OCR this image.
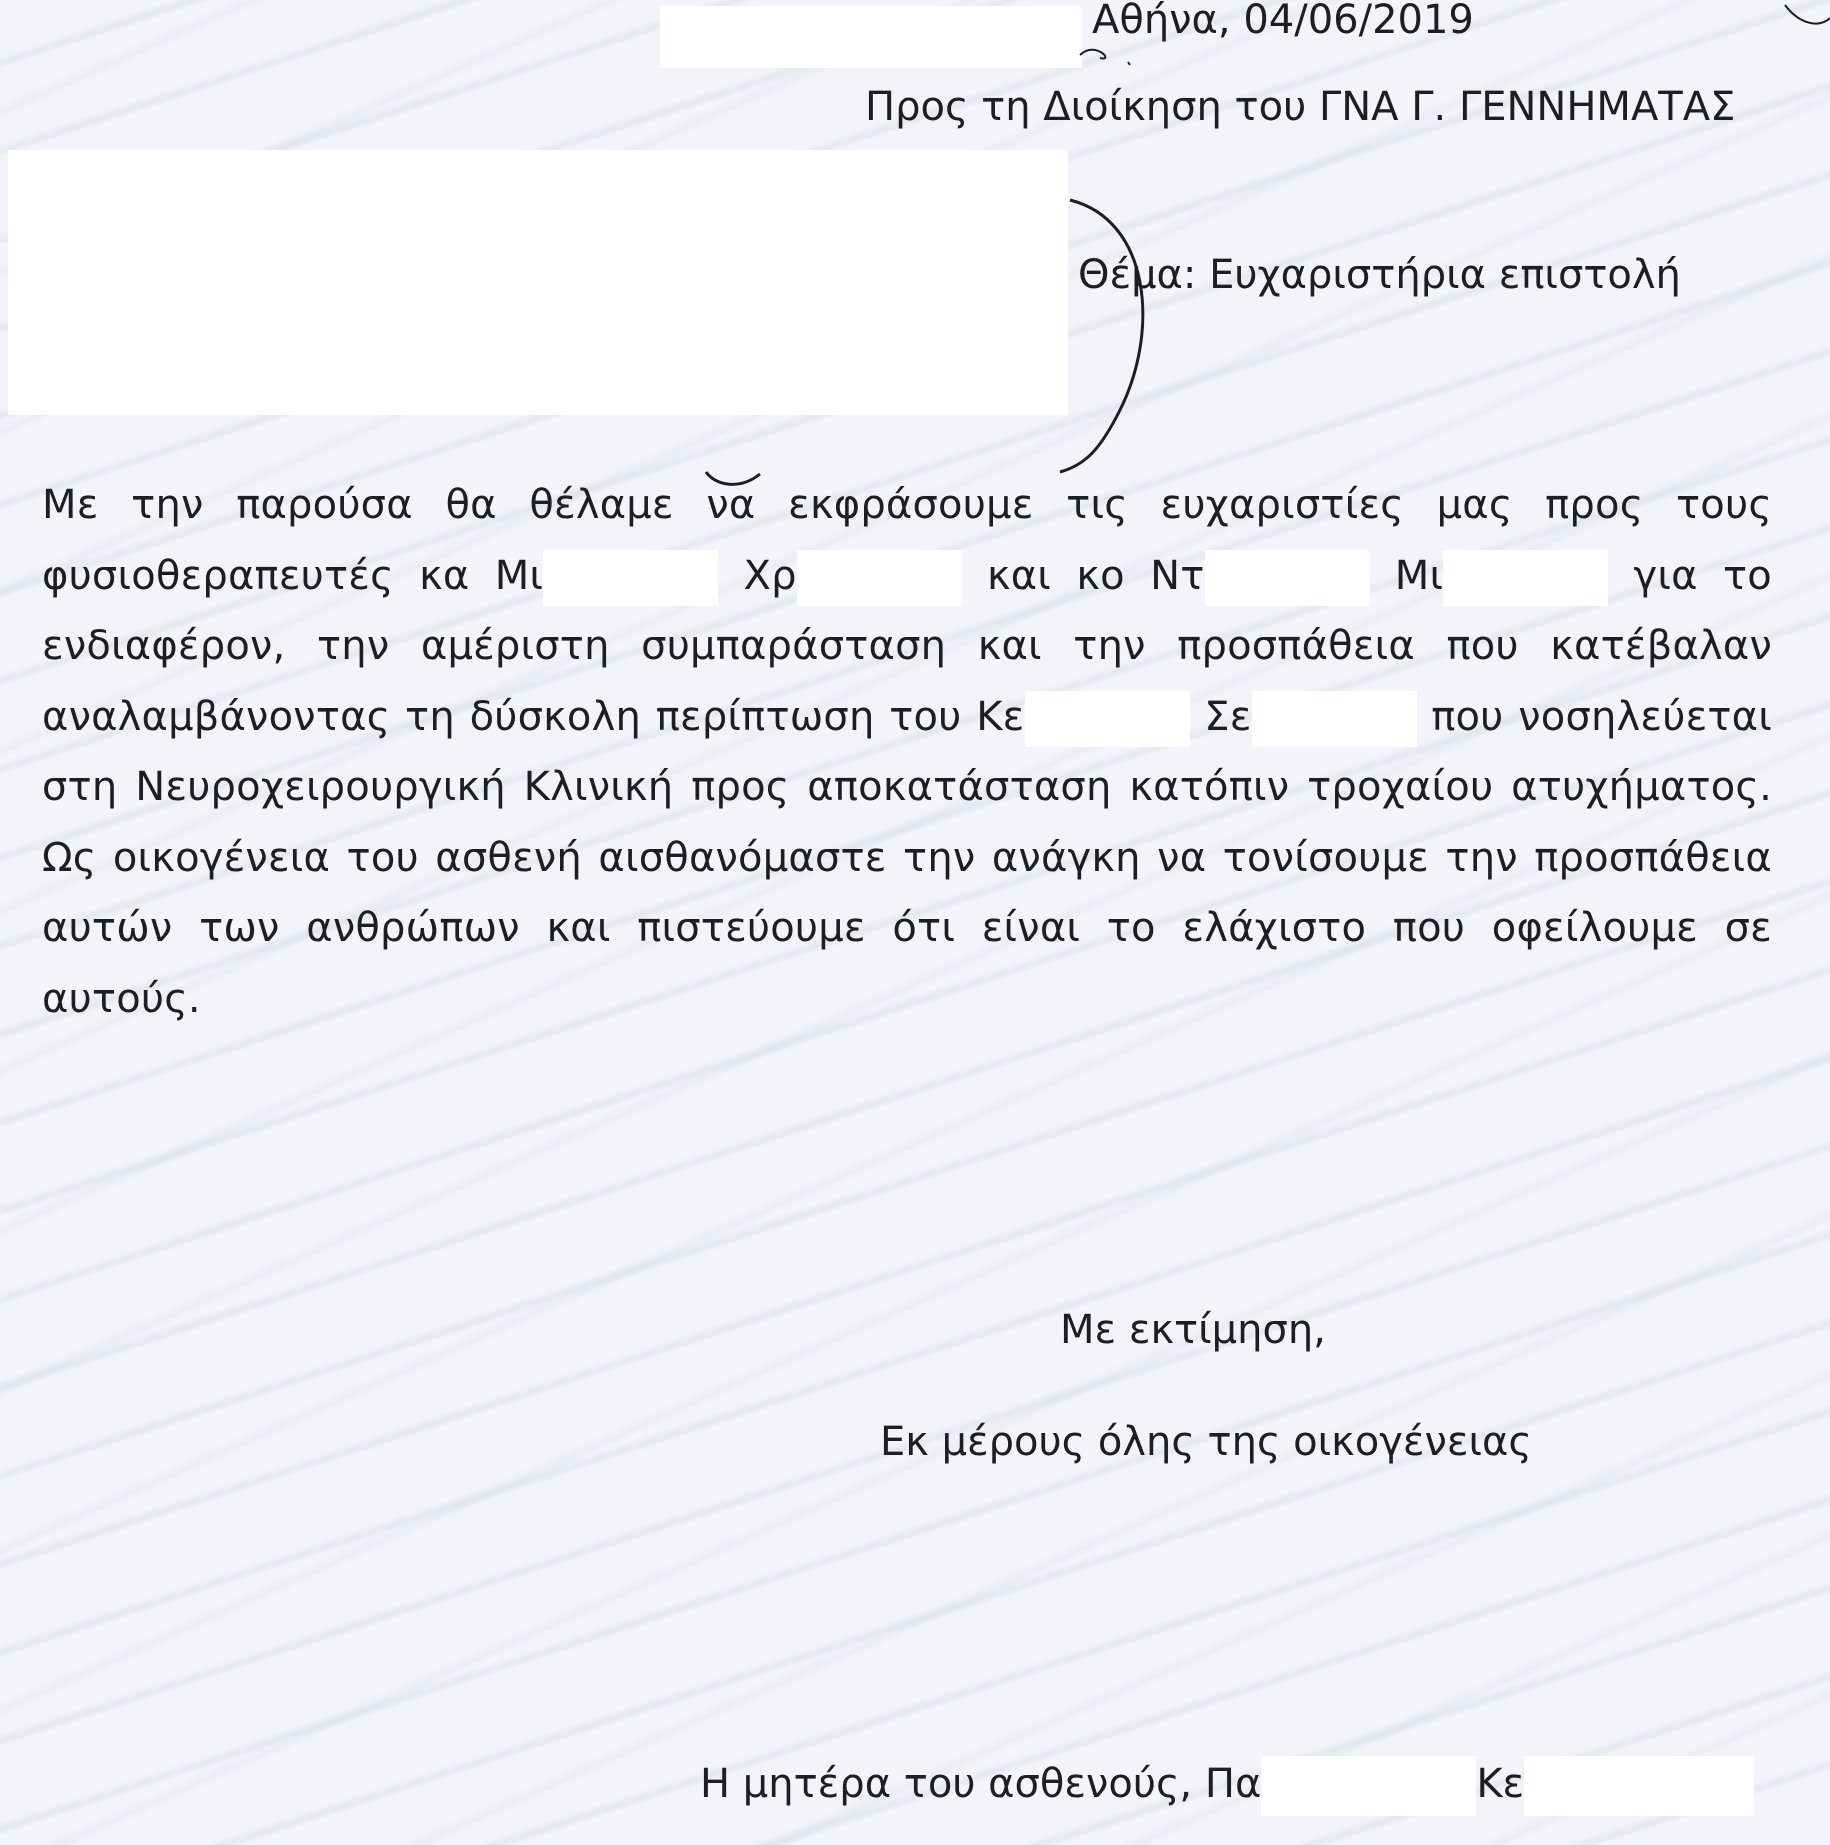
Αθήνα, 04/06/2019
Προς τη Διοίκηση του ΓΝΑ Γ. ΓΕΝΝΗΜΑΤΑΣ
Θέμα: Ευχαριστήρια επιστολή

Με την παρούσα θα θέλαμε να εκφράσουμε τις ευχαριστίες μας προς τους φυσιοθεραπευτές κα Μι	Χρ	και κο Ντ	Μι	για το ενδιαφέρον, την αμέριστη συμπαράσταση και την προσπάθεια που κατέβαλαν αναλαμβάνοντας τη δύσκολη περίπτωση του Κε	Σε	που νοσηλεύεται στη Νευροχειρουργική Κλινική προς αποκατάσταση κατόπιν τροχαίου ατυχήματος. Ως οικογένεια του ασθενή αισθανόμαστε την ανάγκη να τονίσουμε την προσπάθεια αυτών των ανθρώπων και πιστεύουμε ότι είναι το ελάχιστο που οφείλουμε σε αυτούς.

Με εκτίμηση,
Εκ μέρους όλης της οικογένειας
Η μητέρα του ασθενούς, Πα	Κε
